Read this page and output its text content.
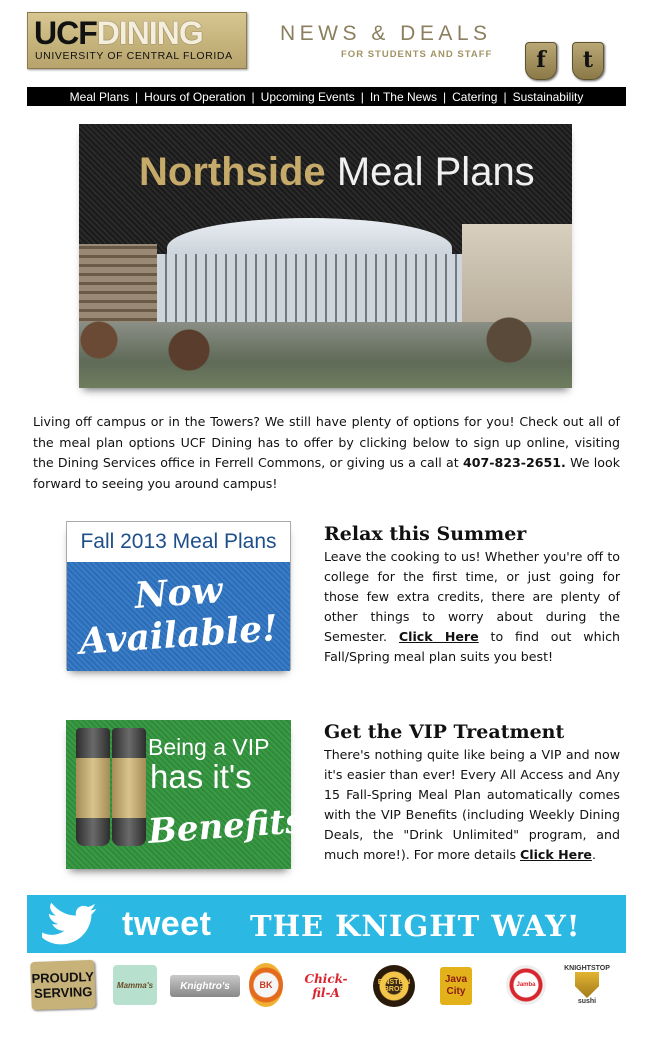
UCFDINING
UNIVERSITY OF CENTRAL FLORIDA
NEWS & DEALS
FOR STUDENTS AND STAFF	f	t
Meal Plans | Hours of Operation | Upcoming Events | In The News | Catering | Sustainability
Northside Meal Plans
Living off campus or in the Towers? We still have plenty of options for you! Check out all of the meal plan options UCF Dining has to offer by clicking below to sign up online, visiting the Dining Services office in Ferrell Commons, or giving us a call at 407-823-2651. We look forward to seeing you around campus!
Fall 2013 Meal Plans
Now
Available!
Relax this Summer
Leave the cooking to us! Whether you're off to college for the first time, or just going for those few extra credits, there are plenty of other things to worry about during the Semester. Click Here to find out which Fall/Spring meal plan suits you best!
Being a VIP
has it's
Benefits!
Get the VIP Treatment
There's nothing quite like being a VIP and now it's easier than ever! Every All Access and Any 15 Fall-Spring Meal Plan automatically comes with the VIP Benefits (including Weekly Dining Deals, the "Drink Unlimited" program, and much more!). For more details Click Here.
tweet THE KNIGHT WAY!
PROUDLY
SERVING	Mamma's	Knightro's	BK	Chick-fil-A
EINSTEIN BROS
Java
City
Jamba
KNIGHTSTOP
sushi
